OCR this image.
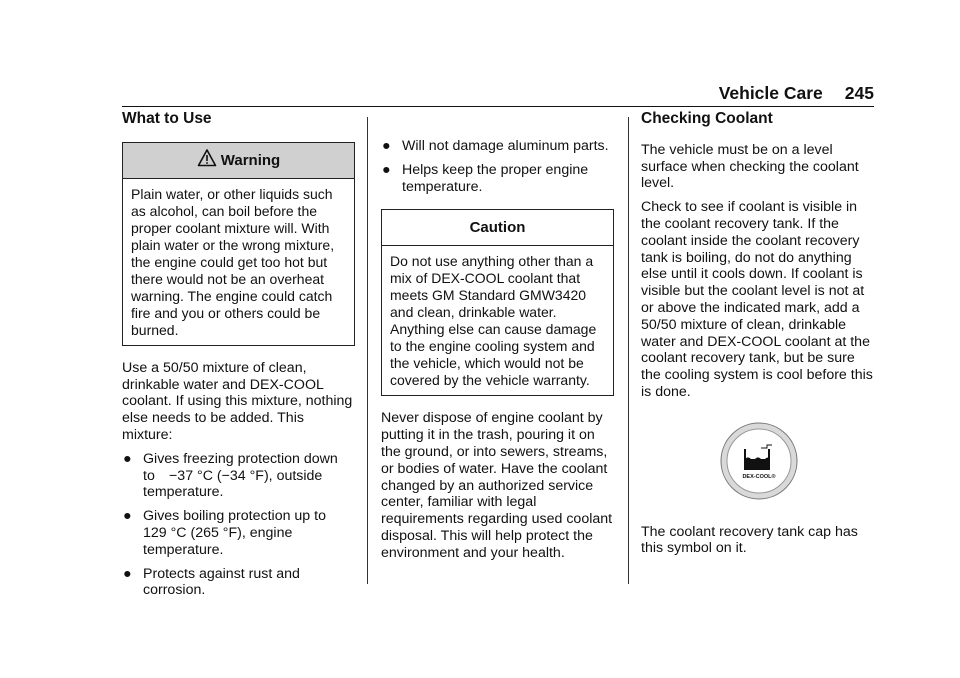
Vehicle Care 245
What to Use
Warning
Plain water, or other liquids such as alcohol, can boil before the proper coolant mixture will. With plain water or the wrong mixture, the engine could get too hot but there would not be an overheat warning. The engine could catch fire and you or others could be burned.

Use a 50/50 mixture of clean, drinkable water and DEX-COOL coolant. If using this mixture, nothing else needs to be added. This mixture:

● Gives freezing protection down to −37 °C (−34 °F), outside temperature.
● Gives boiling protection up to 129 °C (265 °F), engine temperature.
● Protects against rust and corrosion.
● Will not damage aluminum parts.
● Helps keep the proper engine temperature.
Caution
Do not use anything other than a mix of DEX-COOL coolant that meets GM Standard GMW3420 and clean, drinkable water. Anything else can cause damage to the engine cooling system and the vehicle, which would not be covered by the vehicle warranty.

Never dispose of engine coolant by putting it in the trash, pouring it on the ground, or into sewers, streams, or bodies of water. Have the coolant changed by an authorized service center, familiar with legal requirements regarding used coolant disposal. This will help protect the environment and your health.

Checking Coolant

The vehicle must be on a level surface when checking the coolant level.

Check to see if coolant is visible in the coolant recovery tank. If the coolant inside the coolant recovery tank is boiling, do not do anything else until it cools down. If coolant is visible but the coolant level is not at or above the indicated mark, add a 50/50 mixture of clean, drinkable water and DEX-COOL coolant at the coolant recovery tank, but be sure the cooling system is cool before this is done.

DEX-COOL®

The coolant recovery tank cap has this symbol on it.
